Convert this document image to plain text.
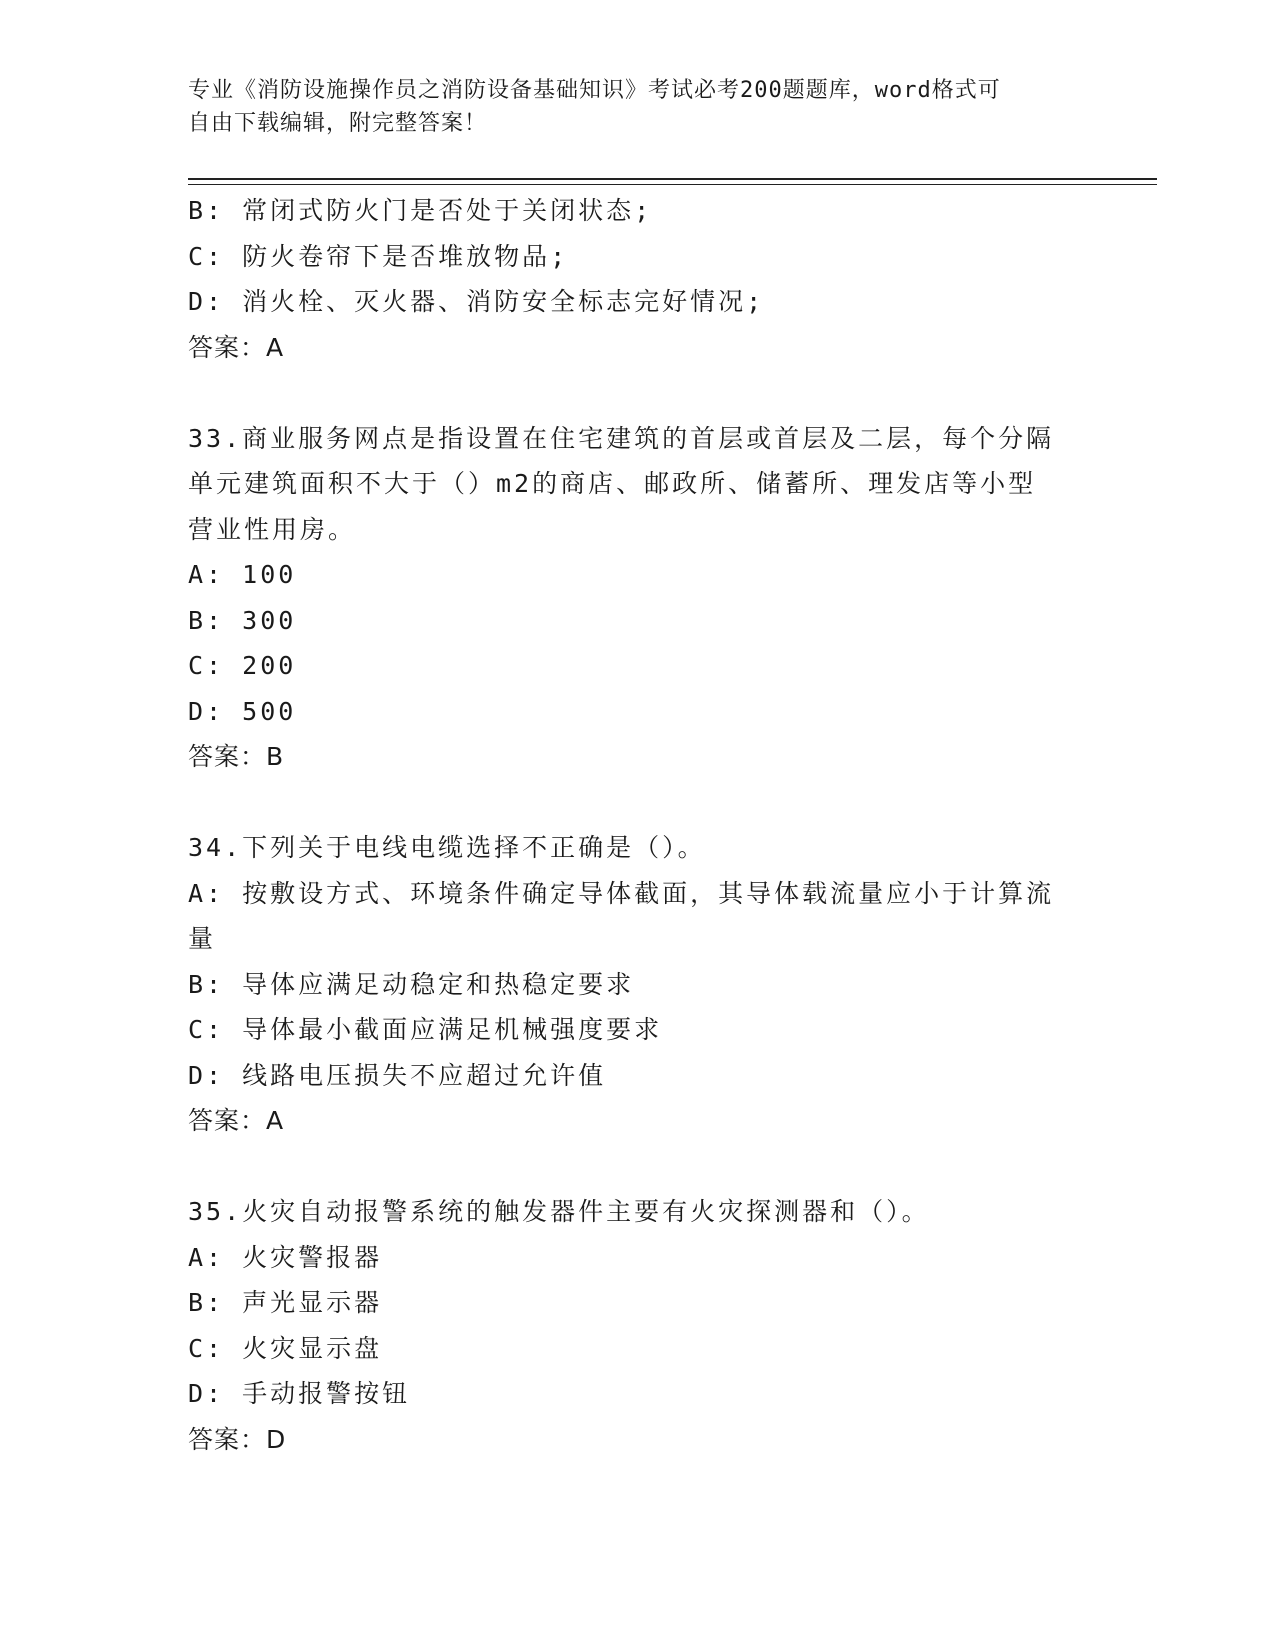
专业《消防设施操作员之消防设备基础知识》考试必考200题题库，word格式可
自由下载编辑，附完整答案！
B: 常闭式防火门是否处于关闭状态;
C: 防火卷帘下是否堆放物品;
D: 消火栓、灭火器、消防安全标志完好情况;
答案：A
33.商业服务网点是指设置在住宅建筑的首层或首层及二层，每个分隔
单元建筑面积不大于（）m2的商店、邮政所、储蓄所、理发店等小型
营业性用房。
A: 100
B: 300
C: 200
D: 500
答案：B
34.下列关于电线电缆选择不正确是（）。
A: 按敷设方式、环境条件确定导体截面，其导体载流量应小于计算流
量
B: 导体应满足动稳定和热稳定要求
C: 导体最小截面应满足机械强度要求
D: 线路电压损失不应超过允许值
答案：A
35.火灾自动报警系统的触发器件主要有火灾探测器和（）。
A: 火灾警报器
B: 声光显示器
C: 火灾显示盘
D: 手动报警按钮
答案：D
